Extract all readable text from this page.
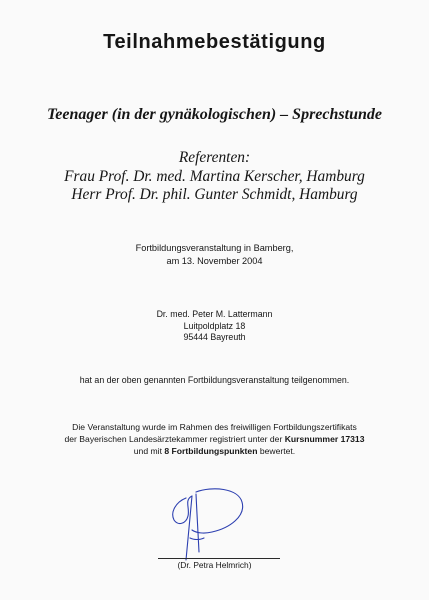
Teilnahmebestätigung
Teenager (in der gynäkologischen) – Sprechstunde
Referenten:
Frau Prof. Dr. med. Martina Kerscher, Hamburg
Herr Prof. Dr. phil. Gunter Schmidt, Hamburg
Fortbildungsveranstaltung in Bamberg,
am 13. November 2004
Dr. med. Peter M. Lattermann
Luitpoldplatz 18
95444 Bayreuth
hat an der oben genannten Fortbildungsveranstaltung teilgenommen.
Die Veranstaltung wurde im Rahmen des freiwilligen Fortbildungszertifikats
der Bayerischen Landesärztekammer registriert unter der Kursnummer 17313
und mit 8 Fortbildungspunkten bewertet.
(Dr. Petra Helmrich)
